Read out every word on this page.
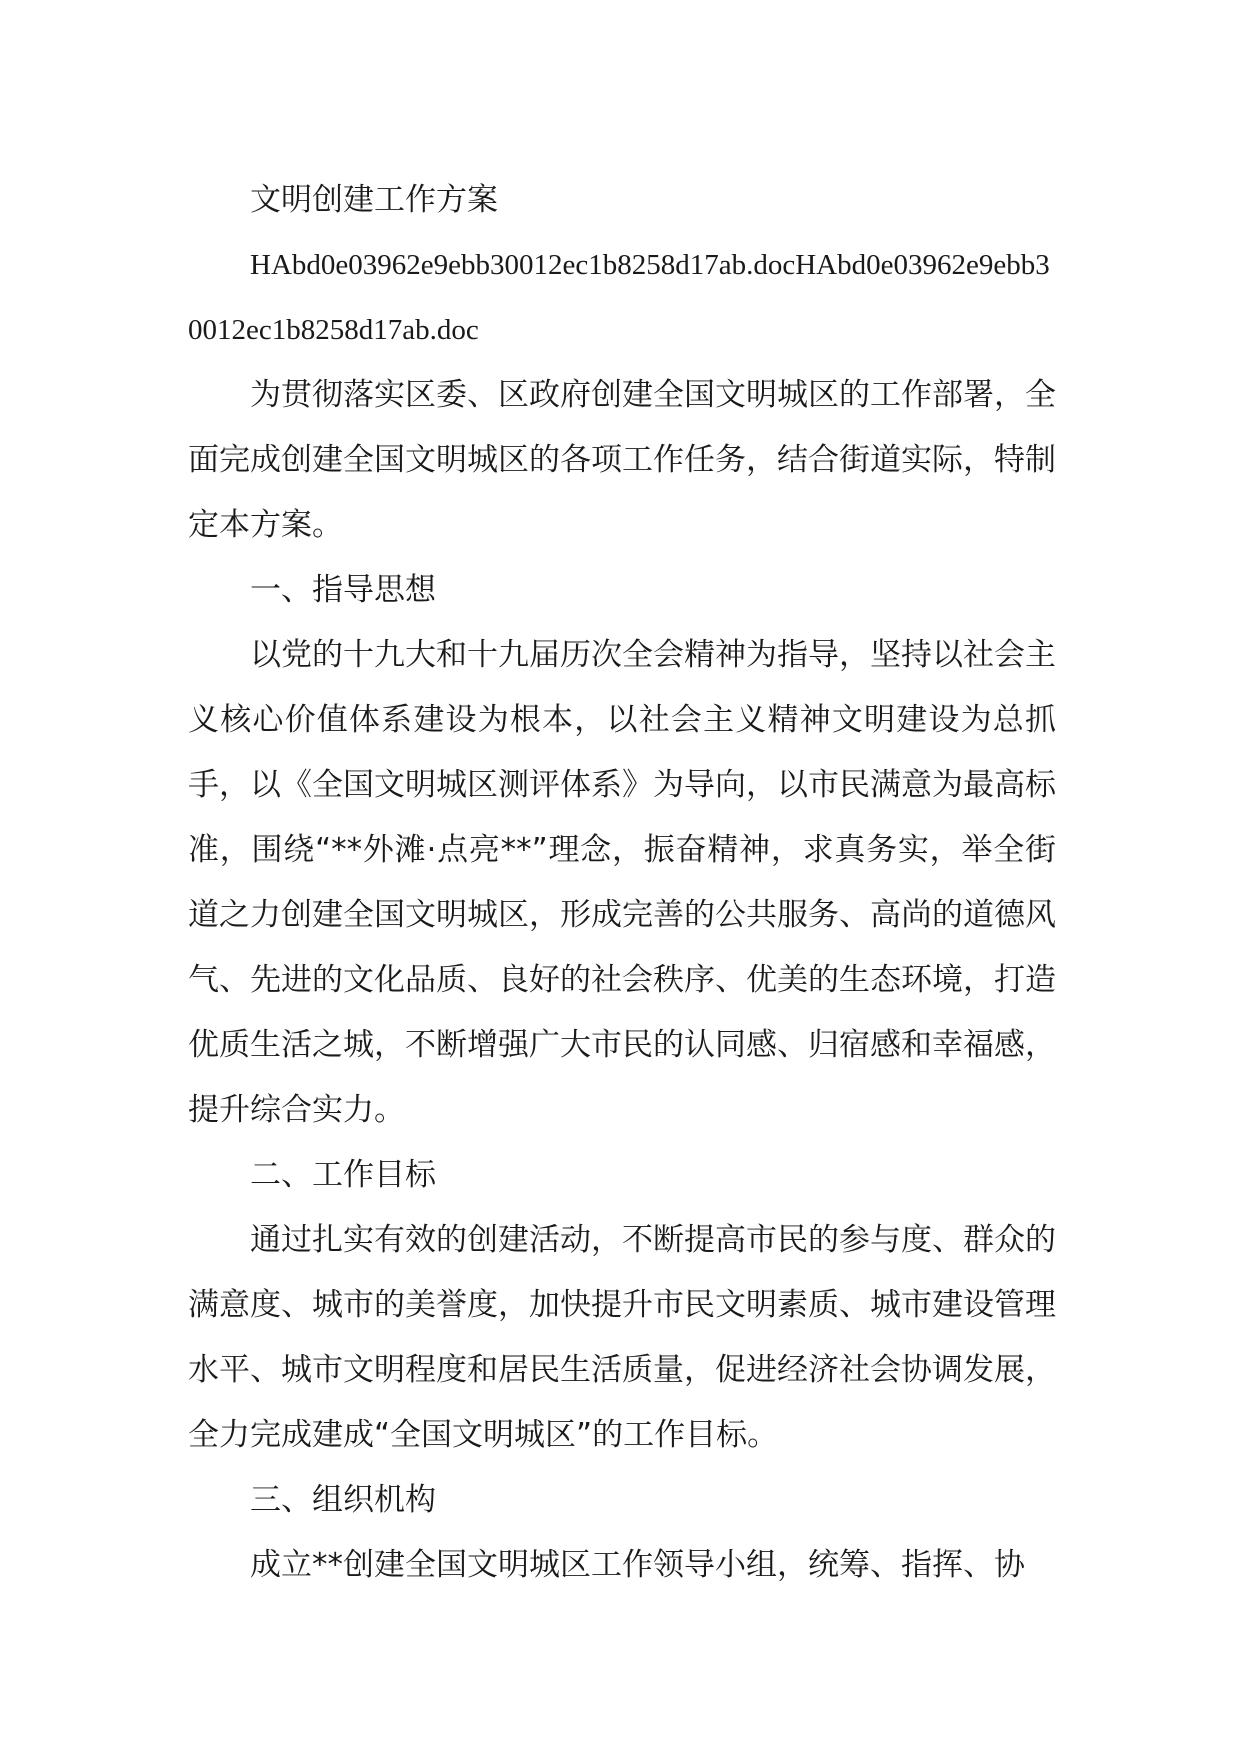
文明创建工作方案

HAbd0e03962e9ebb30012ec1b8258d17ab.docHAbd0e03962e9ebb30012ec1b8258d17ab.doc

为贯彻落实区委、区政府创建全国文明城区的工作部署，全面完成创建全国文明城区的各项工作任务，结合街道实际，特制定本方案。

一、指导思想

以党的十九大和十九届历次全会精神为指导，坚持以社会主义核心价值体系建设为根本，以社会主义精神文明建设为总抓手，以《全国文明城区测评体系》为导向，以市民满意为最高标准，围绕“**外滩·点亮**”理念，振奋精神，求真务实，举全街道之力创建全国文明城区，形成完善的公共服务、高尚的道德风气、先进的文化品质、良好的社会秩序、优美的生态环境，打造优质生活之城，不断增强广大市民的认同感、归宿感和幸福感，提升综合实力。

二、工作目标

通过扎实有效的创建活动，不断提高市民的参与度、群众的满意度、城市的美誉度，加快提升市民文明素质、城市建设管理水平、城市文明程度和居民生活质量，促进经济社会协调发展，全力完成建成“全国文明城区”的工作目标。

三、组织机构

成立**创建全国文明城区工作领导小组，统筹、指挥、协
